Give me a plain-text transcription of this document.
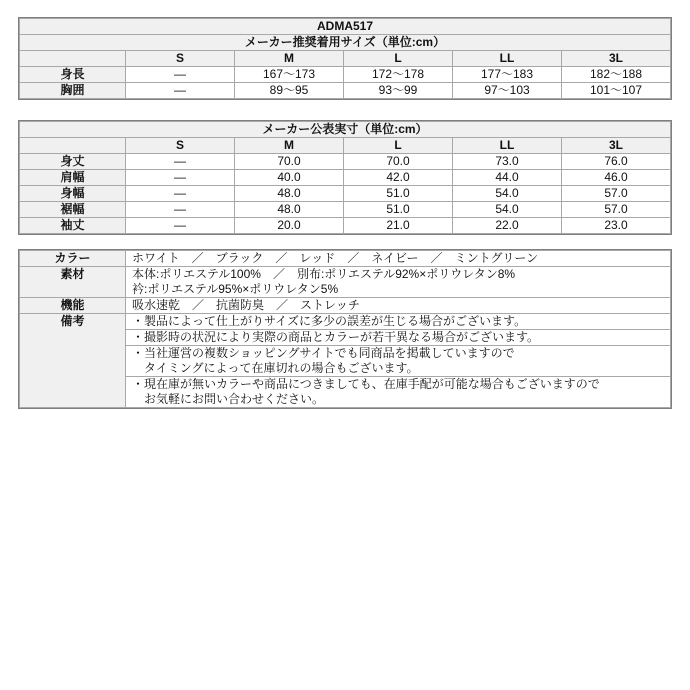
ADMA517					
メーカー推奨着用サイズ（単位:cm）					
	S	M	L	LL	3L
身長	―	167～173	172～178	177～183	182～188
胸囲	―	89～95	93～99	97～103	101～107
メーカー公表実寸（単位:cm）					
	S	M	L	LL	3L
身丈	―	70.0	70.0	73.0	76.0
肩幅	―	40.0	42.0	44.0	46.0
身幅	―	48.0	51.0	54.0	57.0
裾幅	―	48.0	51.0	54.0	57.0
袖丈	―	20.0	21.0	22.0	23.0
カラー	ホワイト　／　ブラック　／　レッド　／　ネイビー　／　ミントグリーン
素材	本体:ポリエステル100%　／　別布:ポリエステル92%×ポリウレタン8%
衿:ポリエステル95%×ポリウレタン5%

機能	吸水速乾　／　抗菌防臭　／　ストレッチ
備考	・製品によって仕上がりサイズに多少の誤差が生じる場合がございます。

	・撮影時の状況により実際の商品とカラーが若干異なる場合がございます。

	・当社運営の複数ショッピングサイトでも同商品を掲載していますので
タイミングによって在庫切れの場合もございます。

	・現在庫が無いカラーや商品につきましても、在庫手配が可能な場合もございますので
お気軽にお問い合わせください。
